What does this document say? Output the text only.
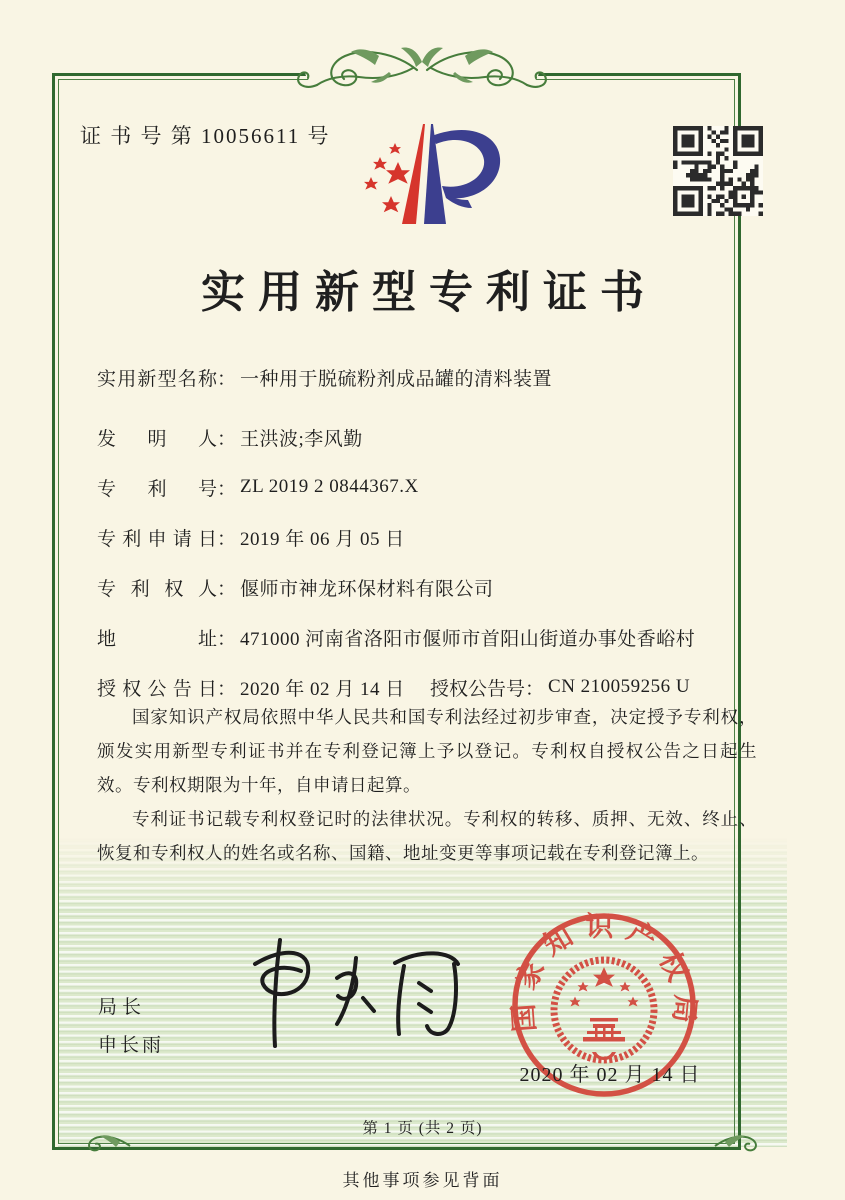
证 书 号 第 10056611 号
实用新型专利证书
实用新型名称 ： 一种用于脱硫粉剂成品罐的清料装置
发明人 ： 王洪波;李风勤
专利号 ： ZL 2019 2 0844367.X
专利申请日 ： 2019 年 06 月 05 日
专利权人 ： 偃师市神龙环保材料有限公司
地址 ： 471000 河南省洛阳市偃师市首阳山街道办事处香峪村
授权公告日 ： 2020 年 02 月 14 日 授权公告号 ： CN 210059256 U

国家知识产权局依照中华人民共和国专利法经过初步审查，决定授予专利权，颁发实用新型专利证书并在专利登记簿上予以登记。专利权自授权公告之日起生效。专利权期限为十年，自申请日起算。

专利证书记载专利权登记时的法律状况。专利权的转移、质押、无效、终止、恢复和专利权人的姓名或名称、国籍、地址变更等事项记载在专利登记簿上。

局长
申长雨
国家知识产权局
2020 年 02 月 14 日
第 1 页 (共 2 页)
其他事项参见背面
